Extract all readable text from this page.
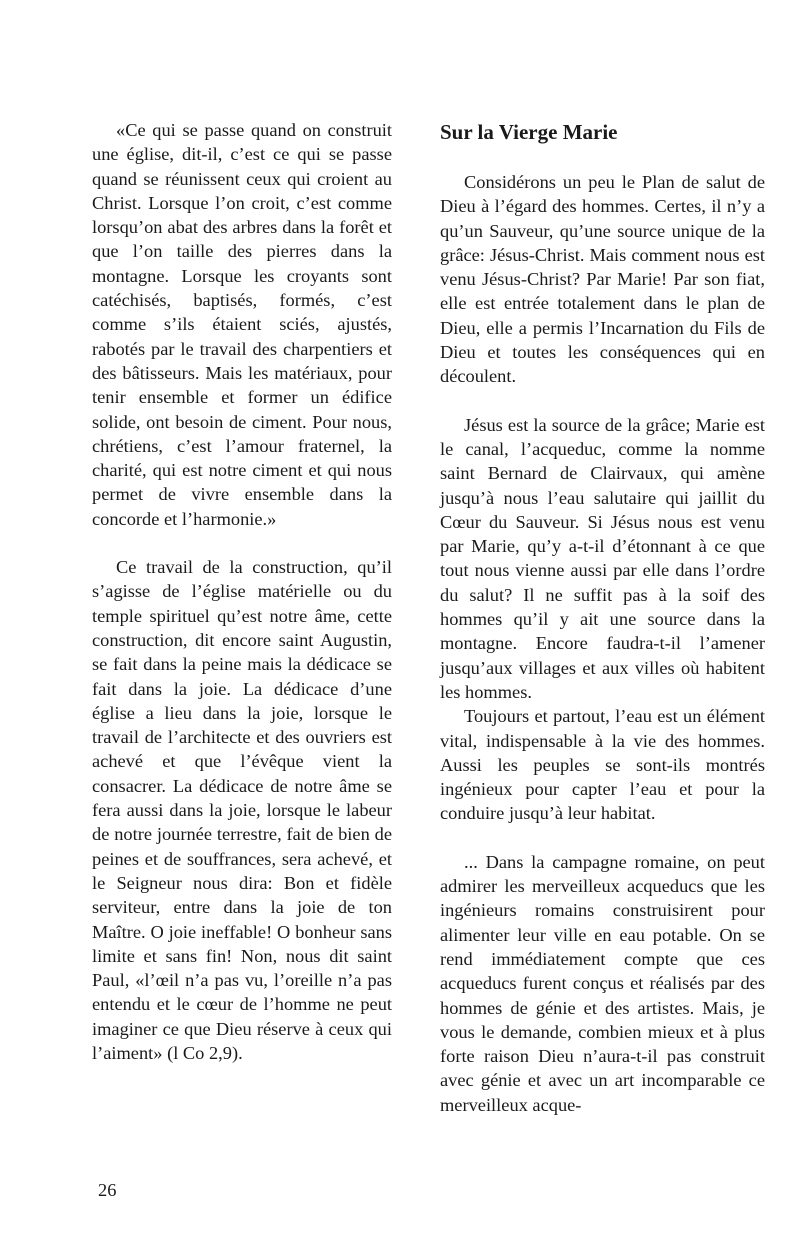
«Ce qui se passe quand on construit une église, dit-il, c’est ce qui se passe quand se réunissent ceux qui croient au Christ. Lorsque l’on croit, c’est comme lorsqu’on abat des arbres dans la forêt et que l’on taille des pierres dans la montagne. Lorsque les croyants sont catéchisés, baptisés, formés, c’est comme s’ils étaient sciés, ajustés, rabotés par le travail des charpentiers et des bâtisseurs. Mais les matériaux, pour tenir ensemble et former un édifice solide, ont besoin de ciment. Pour nous, chrétiens, c’est l’amour fraternel, la charité, qui est notre ciment et qui nous permet de vivre ensemble dans la concorde et l’harmonie.»

Ce travail de la construction, qu’il s’agisse de l’église matérielle ou du temple spirituel qu’est notre âme, cette construction, dit encore saint Augustin, se fait dans la peine mais la dédicace se fait dans la joie. La dédicace d’une église a lieu dans la joie, lorsque le travail de l’architecte et des ouvriers est achevé et que l’évêque vient la consacrer. La dédicace de notre âme se fera aussi dans la joie, lorsque le labeur de notre journée terrestre, fait de bien de peines et de souffrances, sera achevé, et le Seigneur nous dira: Bon et fidèle serviteur, entre dans la joie de ton Maître. O joie ineffable! O bonheur sans limite et sans fin! Non, nous dit saint Paul, «l’œil n’a pas vu, l’oreille n’a pas entendu et le cœur de l’homme ne peut imaginer ce que Dieu réserve à ceux qui l’aiment» (l Co 2,9).

Sur la Vierge Marie

Considérons un peu le Plan de salut de Dieu à l’égard des hommes. Certes, il n’y a qu’un Sauveur, qu’une source unique de la grâce: Jésus-Christ. Mais comment nous est venu Jésus-Christ? Par Marie! Par son fiat, elle est entrée totalement dans le plan de Dieu, elle a permis l’Incarnation du Fils de Dieu et toutes les conséquences qui en découlent.

Jésus est la source de la grâce; Marie est le canal, l’acqueduc, comme la nomme saint Bernard de Clairvaux, qui amène jusqu’à nous l’eau salutaire qui jaillit du Cœur du Sauveur. Si Jésus nous est venu par Marie, qu’y a-t-il d’étonnant à ce que tout nous vienne aussi par elle dans l’ordre du salut? Il ne suffit pas à la soif des hommes qu’il y ait une source dans la montagne. Encore faudra-t-il l’amener jusqu’aux villages et aux villes où habitent les hommes.

Toujours et partout, l’eau est un élément vital, indispensable à la vie des hommes. Aussi les peuples se sont-ils montrés ingénieux pour capter l’eau et pour la conduire jusqu’à leur habitat.

... Dans la campagne romaine, on peut admirer les merveilleux acqueducs que les ingénieurs romains construisirent pour alimenter leur ville en eau potable. On se rend immédiatement compte que ces acqueducs furent conçus et réalisés par des hommes de génie et des artistes. Mais, je vous le demande, combien mieux et à plus forte raison Dieu n’aura-t-il pas construit avec génie et avec un art incomparable ce merveilleux acque-

26
